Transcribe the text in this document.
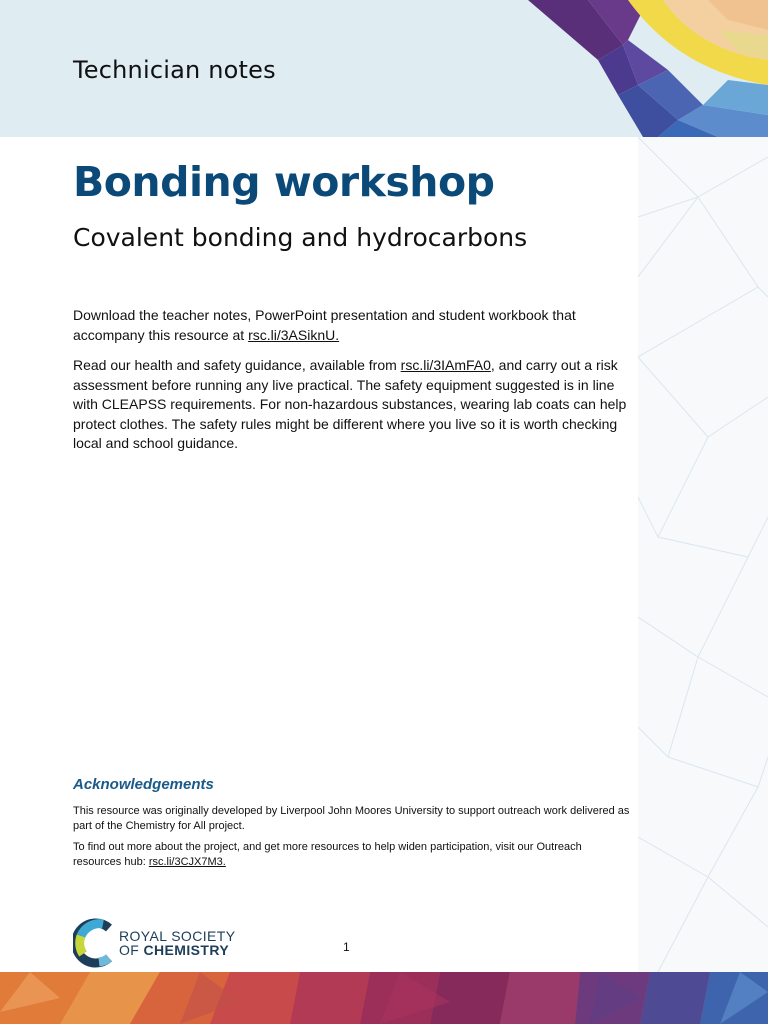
Technician notes
Bonding workshop
Covalent bonding and hydrocarbons

Download the teacher notes, PowerPoint presentation and student workbook that accompany this resource at rsc.li/3ASiknU.

Read our health and safety guidance, available from rsc.li/3IAmFA0, and carry out a risk assessment before running any live practical. The safety equipment suggested is in line with CLEAPSS requirements. For non-hazardous substances, wearing lab coats can help protect clothes. The safety rules might be different where you live so it is worth checking local and school guidance.

Acknowledgements

This resource was originally developed by Liverpool John Moores University to support outreach work delivered as part of the Chemistry for All project.

To find out more about the project, and get more resources to help widen participation, visit our Outreach resources hub: rsc.li/3CJX7M3.

ROYAL SOCIETY
OF CHEMISTRY	1
